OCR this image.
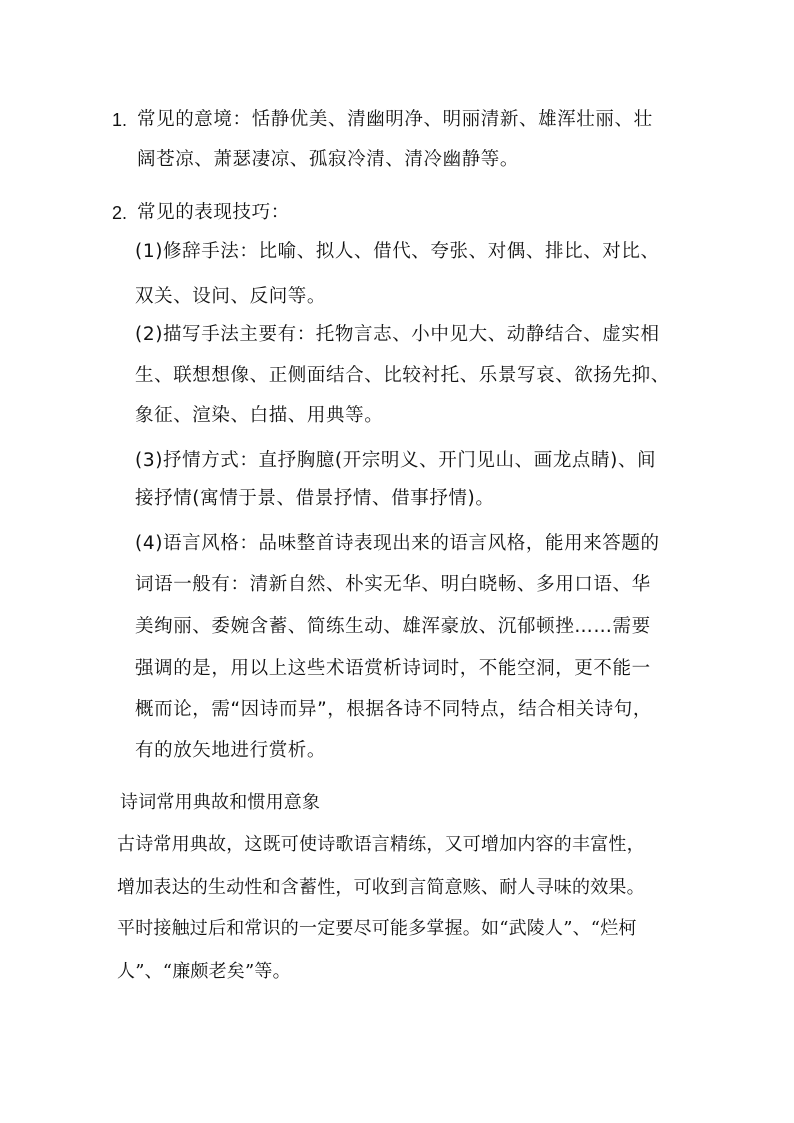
1. 常见的意境：恬静优美、清幽明净、明丽清新、雄浑壮丽、壮
阔苍凉、萧瑟凄凉、孤寂冷清、清冷幽静等。
2. 常见的表现技巧：
(1)修辞手法：比喻、拟人、借代、夸张、对偶、排比、对比、
双关、设问、反问等。
(2)描写手法主要有：托物言志、小中见大、动静结合、虚实相
生、联想想像、正侧面结合、比较衬托、乐景写哀、欲扬先抑、
象征、渲染、白描、用典等。
(3)抒情方式：直抒胸臆(开宗明义、开门见山、画龙点睛)、间
接抒情(寓情于景、借景抒情、借事抒情)。
(4)语言风格：品味整首诗表现出来的语言风格，能用来答题的
词语一般有：清新自然、朴实无华、明白晓畅、多用口语、华
美绚丽、委婉含蓄、简练生动、雄浑豪放、沉郁顿挫……需要
强调的是，用以上这些术语赏析诗词时，不能空洞，更不能一
概而论，需“因诗而异”，根据各诗不同特点，结合相关诗句，
有的放矢地进行赏析。
诗词常用典故和惯用意象
古诗常用典故，这既可使诗歌语言精练，又可增加内容的丰富性，
增加表达的生动性和含蓄性，可收到言简意赅、耐人寻味的效果。
平时接触过后和常识的一定要尽可能多掌握。如“武陵人”、“烂柯
人”、“廉颇老矣”等。
